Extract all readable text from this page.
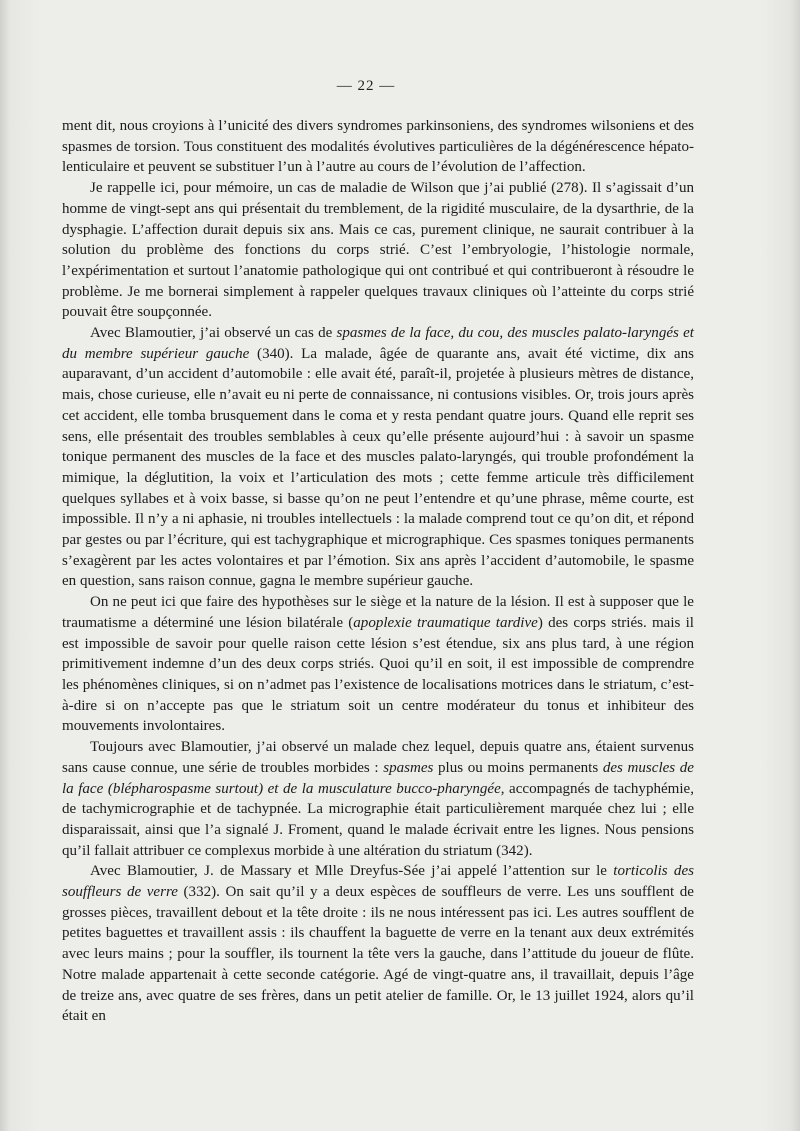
— 22 —

ment dit, nous croyions à l’unicité des divers syndromes parkinsoniens, des syndromes wilsoniens et des spasmes de torsion. Tous constituent des modalités évolutives particulières de la dégénérescence hépato-lenticulaire et peuvent se substituer l’un à l’autre au cours de l’évolution de l’affection.

Je rappelle ici, pour mémoire, un cas de maladie de Wilson que j’ai publié (278). Il s’agissait d’un homme de vingt-sept ans qui présentait du tremblement, de la rigidité musculaire, de la dysarthrie, de la dysphagie. L’affection durait depuis six ans. Mais ce cas, purement clinique, ne saurait contribuer à la solution du problème des fonctions du corps strié. C’est l’embryologie, l’histologie normale, l’expérimentation et surtout l’anatomie pathologique qui ont contribué et qui contribueront à résoudre le problème. Je me bornerai simplement à rappeler quelques travaux cliniques où l’atteinte du corps strié pouvait être soupçonnée.

Avec Blamoutier, j’ai observé un cas de spasmes de la face, du cou, des muscles palato-laryngés et du membre supérieur gauche (340). La malade, âgée de quarante ans, avait été victime, dix ans auparavant, d’un accident d’automobile : elle avait été, paraît-il, projetée à plusieurs mètres de distance, mais, chose curieuse, elle n’avait eu ni perte de connaissance, ni contusions visibles. Or, trois jours après cet accident, elle tomba brusquement dans le coma et y resta pendant quatre jours. Quand elle reprit ses sens, elle présentait des troubles semblables à ceux qu’elle présente aujourd’hui : à savoir un spasme tonique permanent des muscles de la face et des muscles palato-laryngés, qui trouble profondément la mimique, la déglutition, la voix et l’articulation des mots ; cette femme articule très difficilement quelques syllabes et à voix basse, si basse qu’on ne peut l’entendre et qu’une phrase, même courte, est impossible. Il n’y a ni aphasie, ni troubles intellectuels : la malade comprend tout ce qu’on dit, et répond par gestes ou par l’écriture, qui est tachygraphique et micrographique. Ces spasmes toniques permanents s’exagèrent par les actes volontaires et par l’émotion. Six ans après l’accident d’automobile, le spasme en question, sans raison connue, gagna le membre supérieur gauche.

On ne peut ici que faire des hypothèses sur le siège et la nature de la lésion. Il est à supposer que le traumatisme a déterminé une lésion bilatérale (apoplexie traumatique tardive) des corps striés. mais il est impossible de savoir pour quelle raison cette lésion s’est étendue, six ans plus tard, à une région primitivement indemne d’un des deux corps striés. Quoi qu’il en soit, il est impossible de comprendre les phénomènes cliniques, si on n’admet pas l’existence de localisations motrices dans le striatum, c’est-à-dire si on n’accepte pas que le striatum soit un centre modérateur du tonus et inhibiteur des mouvements involontaires.

Toujours avec Blamoutier, j’ai observé un malade chez lequel, depuis quatre ans, étaient survenus sans cause connue, une série de troubles morbides : spasmes plus ou moins permanents des muscles de la face (blépharospasme surtout) et de la musculature bucco-pharyngée, accompagnés de tachyphémie, de tachymicrographie et de tachypnée. La micrographie était particulièrement marquée chez lui ; elle disparaissait, ainsi que l’a signalé J. Froment, quand le malade écrivait entre les lignes. Nous pensions qu’il fallait attribuer ce complexus morbide à une altération du striatum (342).

Avec Blamoutier, J. de Massary et Mlle Dreyfus-Sée j’ai appelé l’attention sur le torticolis des souffleurs de verre (332). On sait qu’il y a deux espèces de souffleurs de verre. Les uns soufflent de grosses pièces, travaillent debout et la tête droite : ils ne nous intéressent pas ici. Les autres soufflent de petites baguettes et travaillent assis : ils chauffent la baguette de verre en la tenant aux deux extrémités avec leurs mains ; pour la souffler, ils tournent la tête vers la gauche, dans l’attitude du joueur de flûte. Notre malade appartenait à cette seconde catégorie. Agé de vingt-quatre ans, il travaillait, depuis l’âge de treize ans, avec quatre de ses frères, dans un petit atelier de famille. Or, le 13 juillet 1924, alors qu’il était en
